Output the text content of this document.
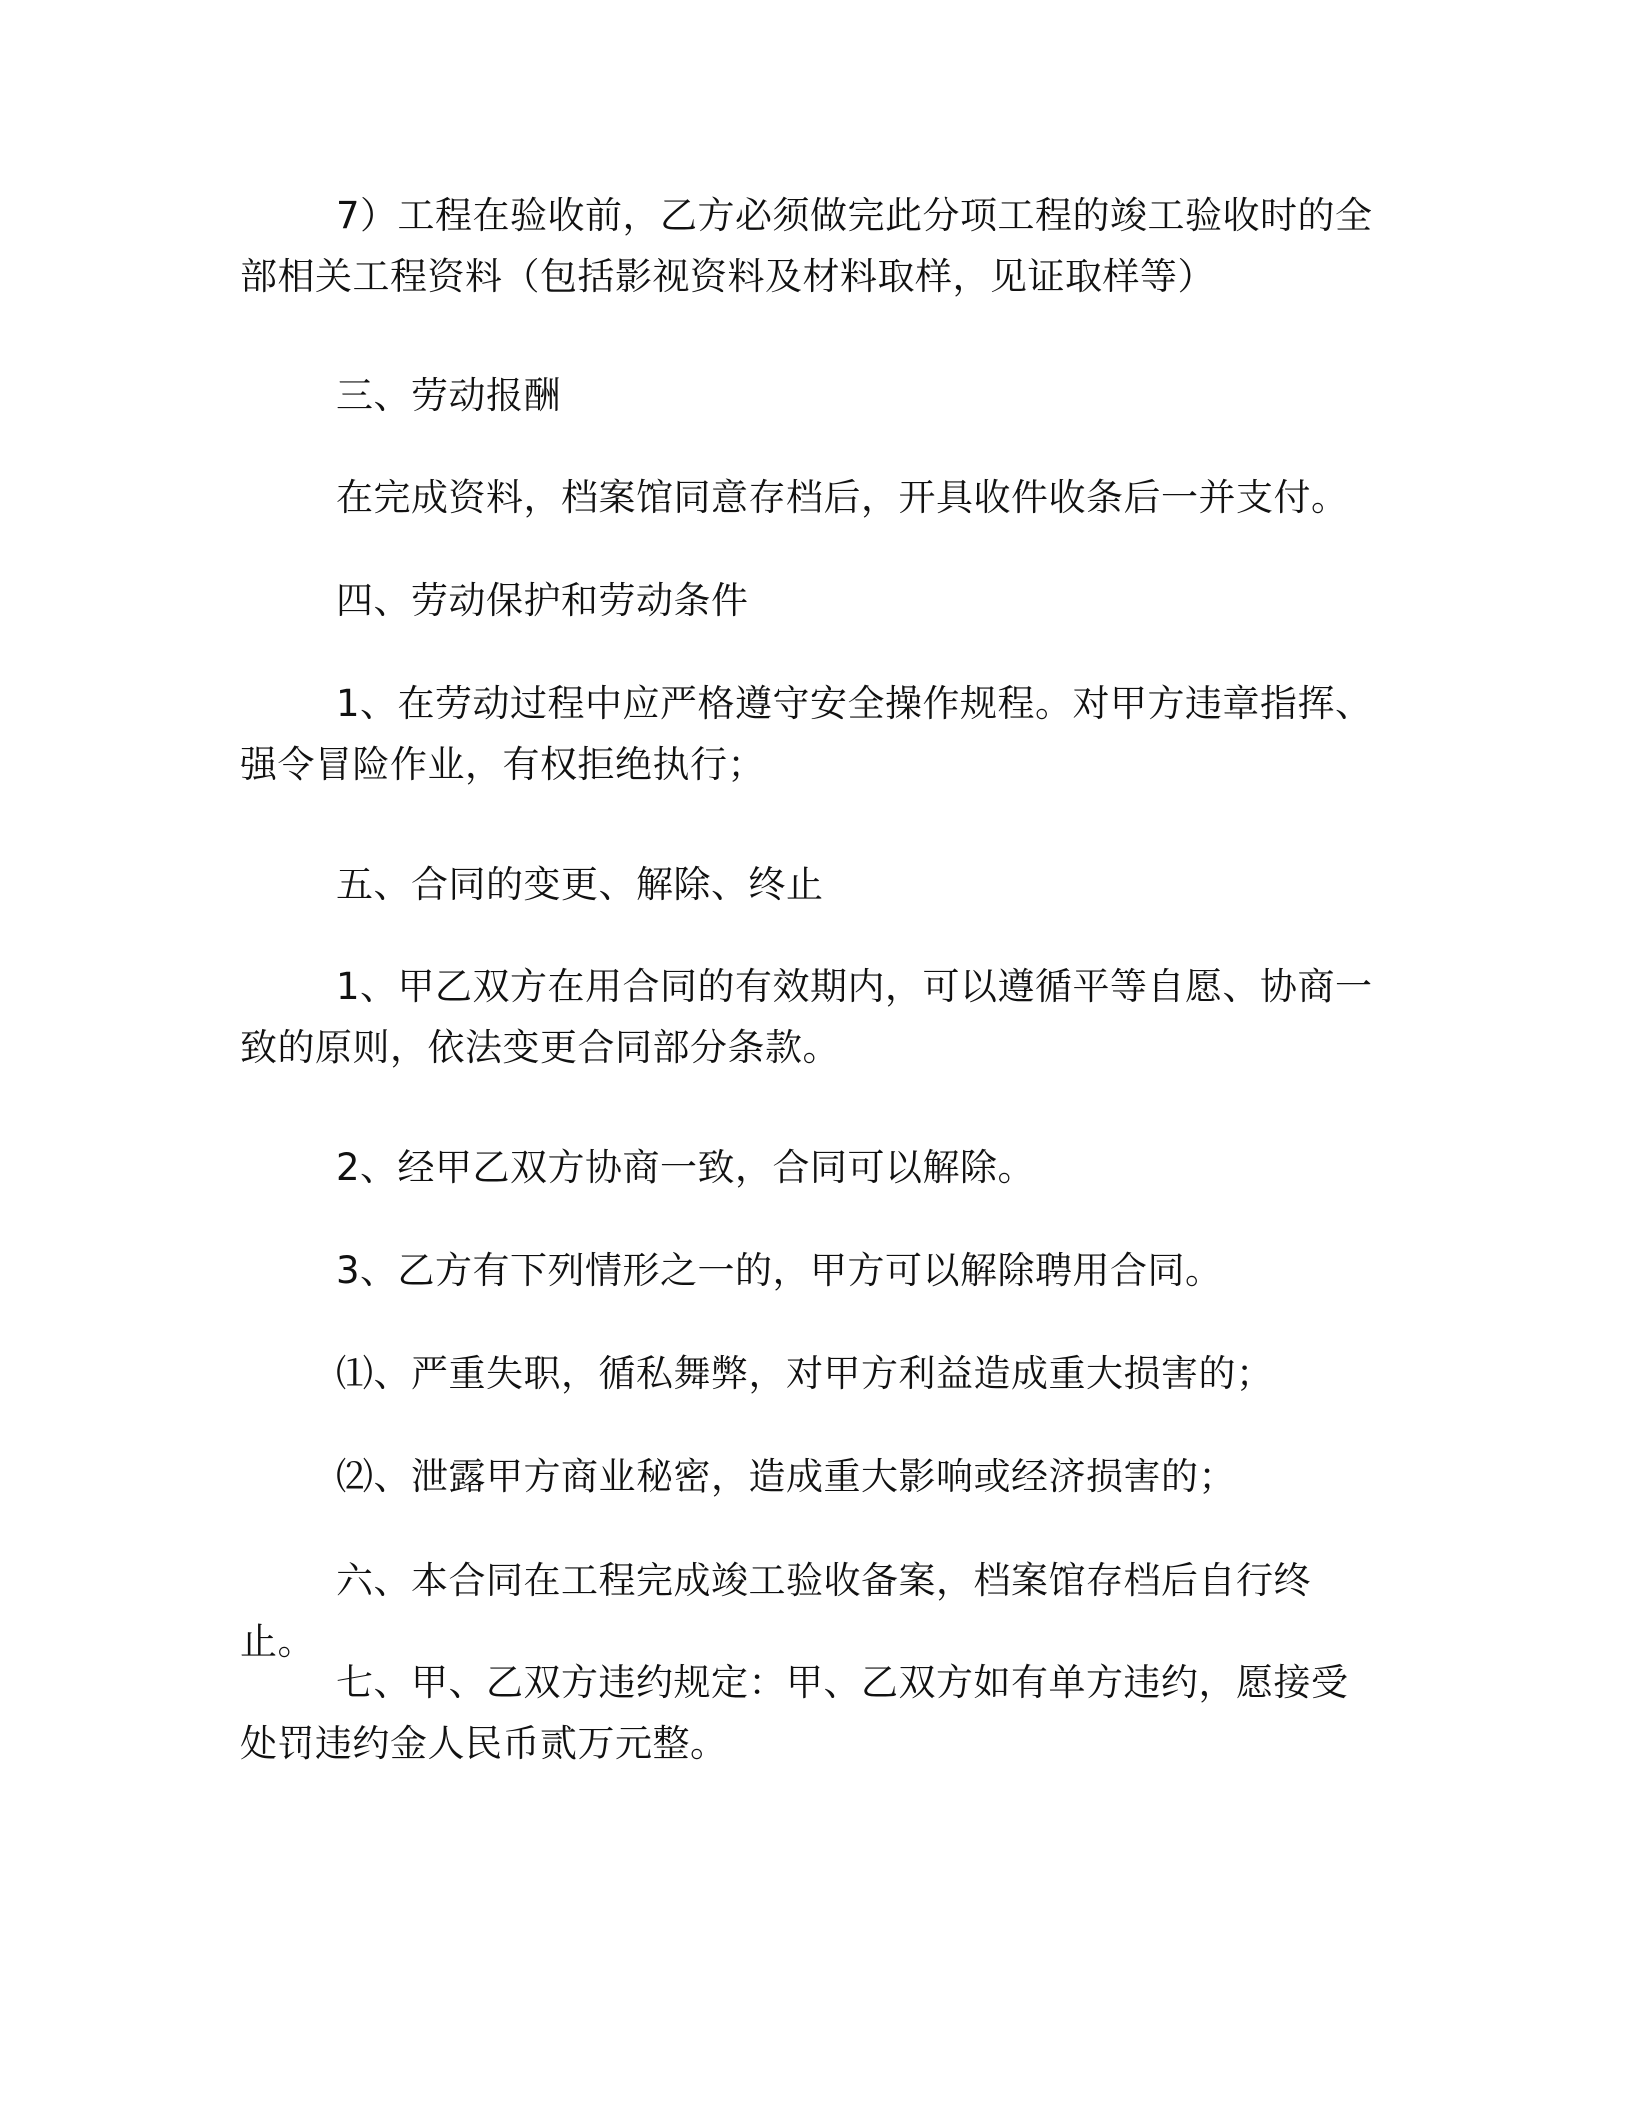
7）工程在验收前，乙方必须做完此分项工程的竣工验收时的全部相关工程资料（包括影视资料及材料取样，见证取样等）

三、劳动报酬

在完成资料，档案馆同意存档后，开具收件收条后一并支付。

四、劳动保护和劳动条件

1、在劳动过程中应严格遵守安全操作规程。对甲方违章指挥、强令冒险作业，有权拒绝执行；

五、合同的变更、解除、终止

1、甲乙双方在用合同的有效期内，可以遵循平等自愿、协商一致的原则，依法变更合同部分条款。

2、经甲乙双方协商一致，合同可以解除。

3、乙方有下列情形之一的，甲方可以解除聘用合同。

⑴、严重失职，循私舞弊，对甲方利益造成重大损害的；

⑵、泄露甲方商业秘密，造成重大影响或经济损害的；

六、本合同在工程完成竣工验收备案，档案馆存档后自行终止。

七、甲、乙双方违约规定：甲、乙双方如有单方违约，愿接受处罚违约金人民币贰万元整。
